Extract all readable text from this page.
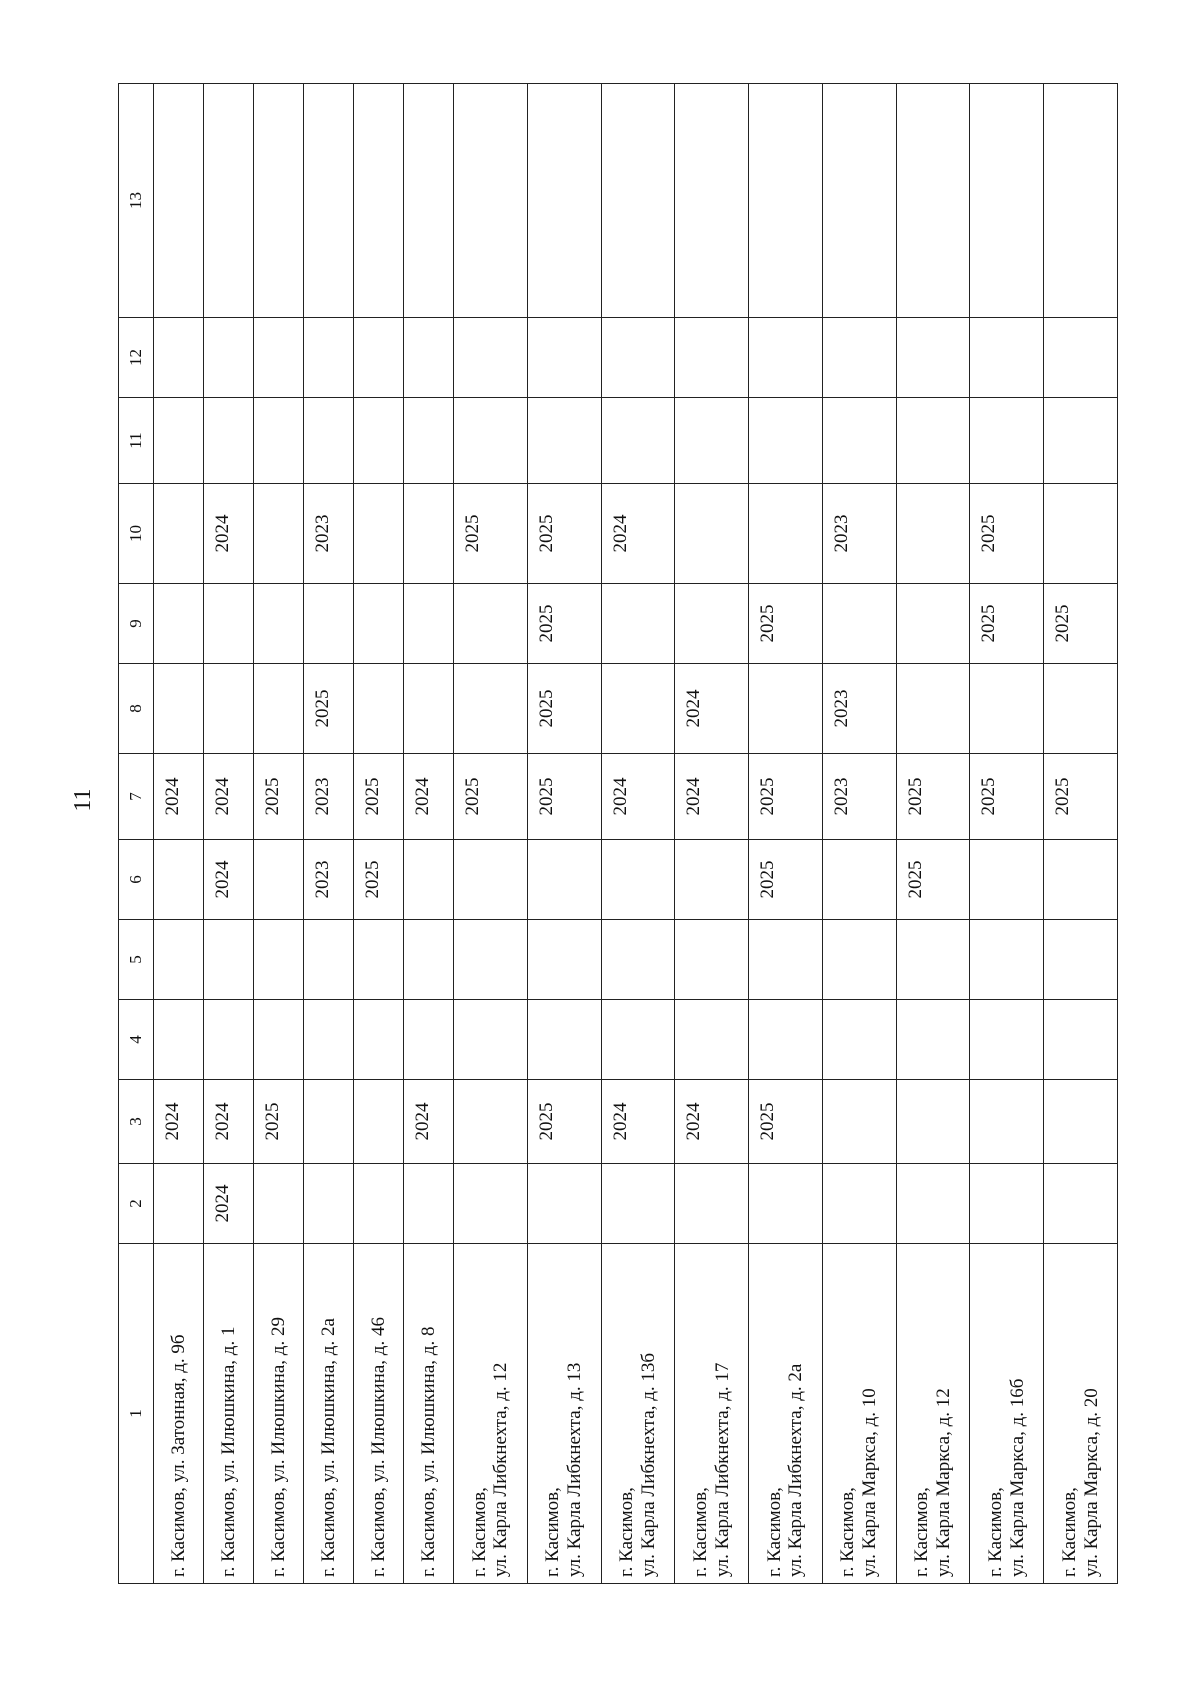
11
1	2	3	4	5	6	7	8	9	10	11	12	13

г. Касимов, ул. Затонная, д. 9б		2024				2024						

г. Касимов, ул. Илюшкина, д. 1	2024	2024			2024	2024			2024			

г. Касимов, ул. Илюшкина, д. 29		2025				2025						

г. Касимов, ул. Илюшкина, д. 2а					2023	2023	2025		2023			

г. Касимов, ул. Илюшкина, д. 46					2025	2025						

г. Касимов, ул. Илюшкина, д. 8		2024				2024						

г. Касимов, ул. Карла Либкнехта, д. 12						2025			2025			

г. Касимов, ул. Карла Либкнехта, д. 13		2025				2025	2025	2025	2025			

г. Касимов, ул. Карла Либкнехта, д. 13б		2024				2024			2024			

г. Касимов, ул. Карла Либкнехта, д. 17		2024				2024	2024					

г. Касимов, ул. Карла Либкнехта, д. 2а		2025			2025	2025		2025				

г. Касимов, ул. Карла Маркса, д. 10						2023	2023		2023			

г. Касимов, ул. Карла Маркса, д. 12					2025	2025						

г. Касимов, ул. Карла Маркса, д. 16б						2025		2025	2025			

г. Касимов, ул. Карла Маркса, д. 20						2025		2025				
